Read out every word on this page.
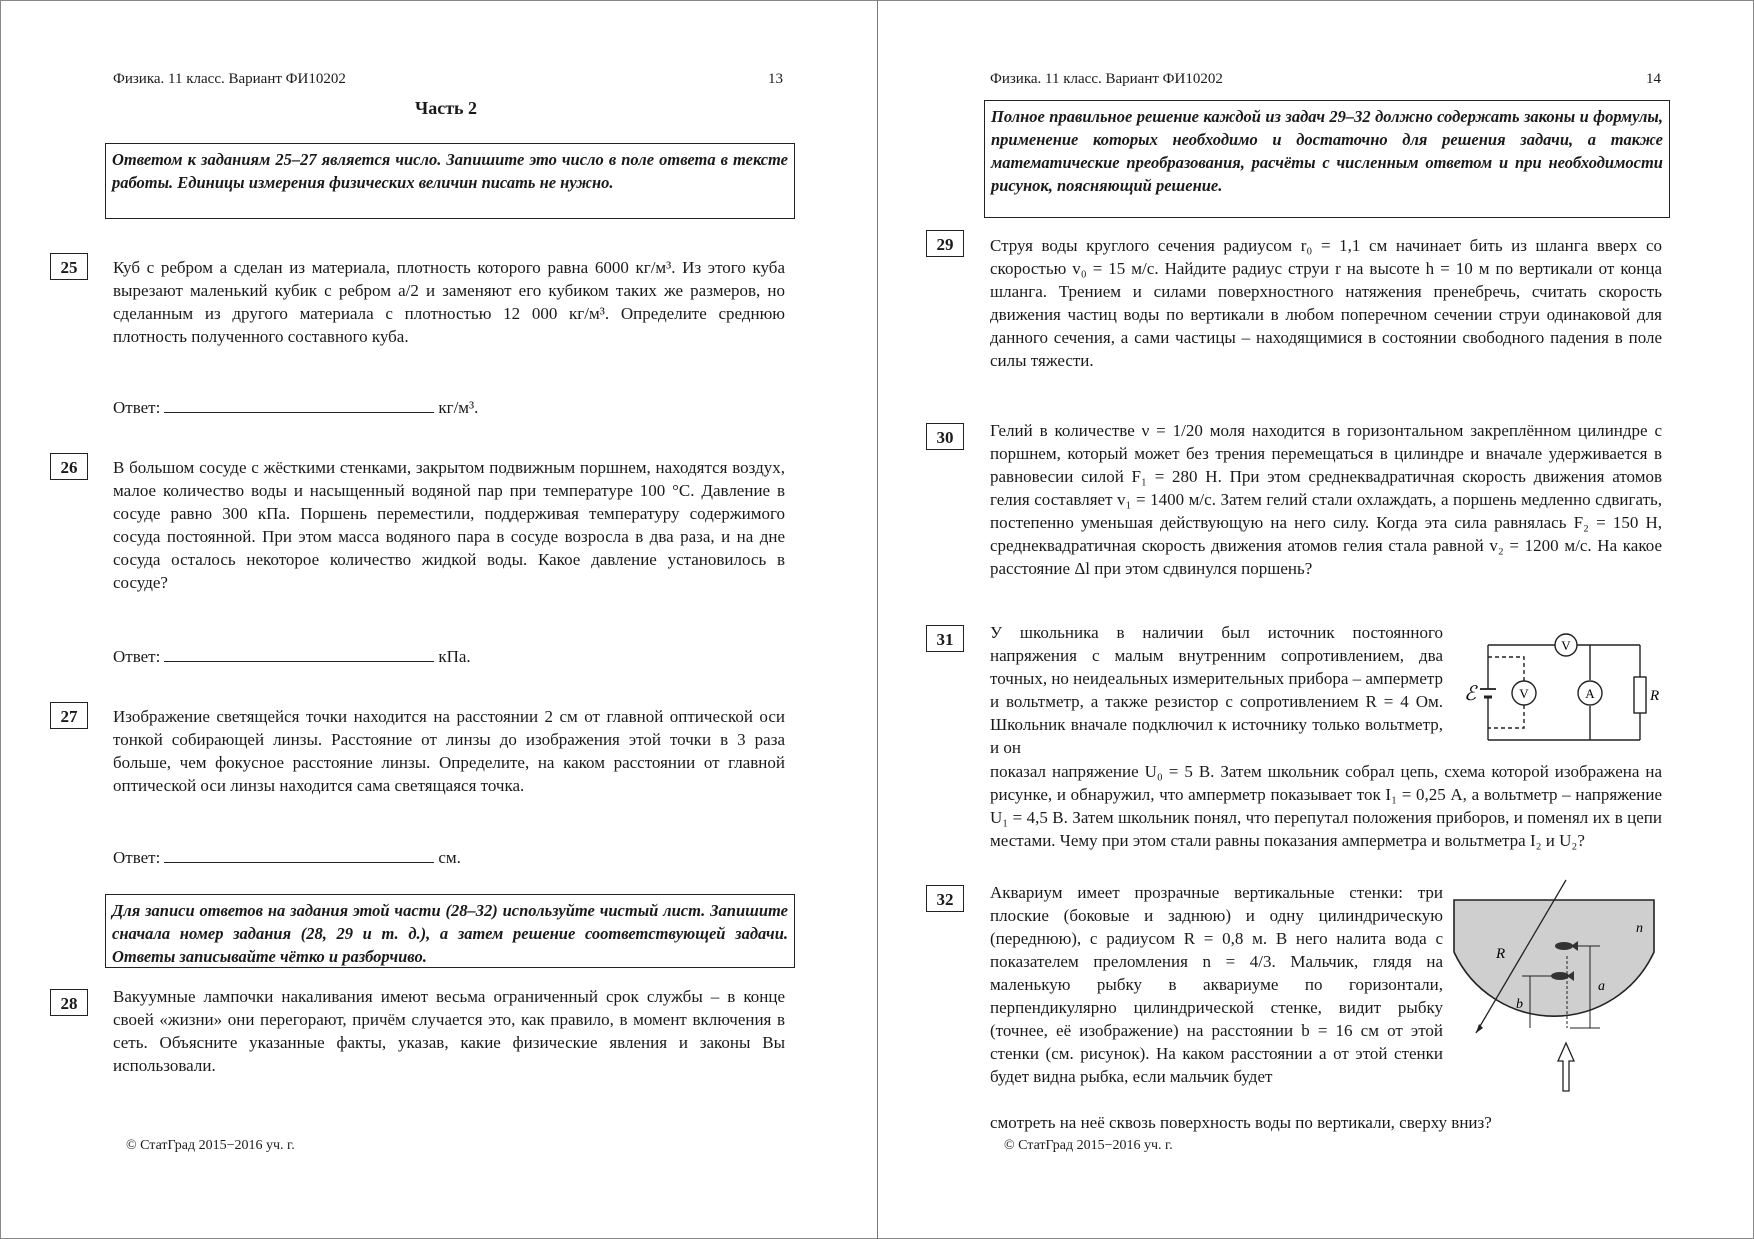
Физика. 11 класс. Вариант ФИ10202	13
Часть 2
Ответом к заданиям 25–27 является число. Запишите это число в поле ответа в тексте работы. Единицы измерения физических величин писать не нужно.
25	Куб с ребром a сделан из материала, плотность которого равна 6000 кг/м³. Из этого куба вырезают маленький кубик с ребром a/2 и заменяют его кубиком таких же размеров, но сделанным из другого материала с плотностью 12 000 кг/м³. Определите среднюю плотность полученного составного куба.
Ответ:	кг/м³.
26	В большом сосуде с жёсткими стенками, закрытом подвижным поршнем, находятся воздух, малое количество воды и насыщенный водяной пар при температуре 100 °С. Давление в сосуде равно 300 кПа. Поршень переместили, поддерживая температуру содержимого сосуда постоянной. При этом масса водяного пара в сосуде возросла в два раза, и на дне сосуда осталось некоторое количество жидкой воды. Какое давление установилось в сосуде?
Ответ:	кПа.
27	Изображение светящейся точки находится на расстоянии 2 см от главной оптической оси тонкой собирающей линзы. Расстояние от линзы до изображения этой точки в 3 раза больше, чем фокусное расстояние линзы. Определите, на каком расстоянии от главной оптической оси линзы находится сама светящаяся точка.
Ответ:	см.
Для записи ответов на задания этой части (28–32) используйте чистый лист. Запишите сначала номер задания (28, 29 и т. д.), а затем решение соответствующей задачи. Ответы записывайте чётко и разборчиво.
28	Вакуумные лампочки накаливания имеют весьма ограниченный срок службы – в конце своей «жизни» они перегорают, причём случается это, как правило, в момент включения в сеть. Объясните указанные факты, указав, какие физические явления и законы Вы использовали.
© СтатГрад 2015−2016 уч. г.
Физика. 11 класс. Вариант ФИ10202	14
Полное правильное решение каждой из задач 29–32 должно содержать законы и формулы, применение которых необходимо и достаточно для решения задачи, а также математические преобразования, расчёты с численным ответом и при необходимости рисунок, поясняющий решение.
29	Струя воды круглого сечения радиусом r₀ = 1,1 см начинает бить из шланга вверх со скоростью v₀ = 15 м/с. Найдите радиус струи r на высоте h = 10 м по вертикали от конца шланга. Трением и силами поверхностного натяжения пренебречь, считать скорость движения частиц воды по вертикали в любом поперечном сечении струи одинаковой для данного сечения, а сами частицы – находящимися в состоянии свободного падения в поле силы тяжести.
30	Гелий в количестве ν = 1/20 моля находится в горизонтальном закреплённом цилиндре с поршнем, который может без трения перемещаться в цилиндре и вначале удерживается в равновесии силой F₁ = 280 Н. При этом среднеквадратичная скорость движения атомов гелия составляет v₁ = 1400 м/с. Затем гелий стали охлаждать, а поршень медленно сдвигать, постепенно уменьшая действующую на него силу. Когда эта сила равнялась F₂ = 150 Н, среднеквадратичная скорость движения атомов гелия стала равной v₂ = 1200 м/с. На какое расстояние Δl при этом сдвинулся поршень?
31	У школьника в наличии был источник постоянного напряжения с малым внутренним сопротивлением, два точных, но неидеальных измерительных прибора – амперметр и вольтметр, а также резистор с сопротивлением R = 4 Ом. Школьник вначале подключил к источнику только вольтметр, и он
показал напряжение U₀ = 5 В. Затем школьник собрал цепь, схема которой изображена на рисунке, и обнаружил, что амперметр показывает ток I₁ = 0,25 А, а вольтметр – напряжение U₁ = 4,5 В. Затем школьник понял, что перепутал положения приборов, и поменял их в цепи местами. Чему при этом стали равны показания амперметра и вольтметра I₂ и U₂?
V
A
V
ℰ	R
32	Аквариум имеет прозрачные вертикальные стенки: три плоские (боковые и заднюю) и одну цилиндрическую (переднюю), с радиусом R = 0,8 м. В него налита вода с показателем преломления n = 4/3. Мальчик, глядя на маленькую рыбку в аквариуме по горизонтали, перпендикулярно цилиндрической стенке, видит рыбку (точнее, её изображение) на расстоянии b = 16 см от этой стенки (см. рисунок). На каком расстоянии a от этой стенки будет видна рыбка, если мальчик будет
смотреть на неё сквозь поверхность воды по вертикали, сверху вниз?
R
n
a
b
© СтатГрад 2015−2016 уч. г.
